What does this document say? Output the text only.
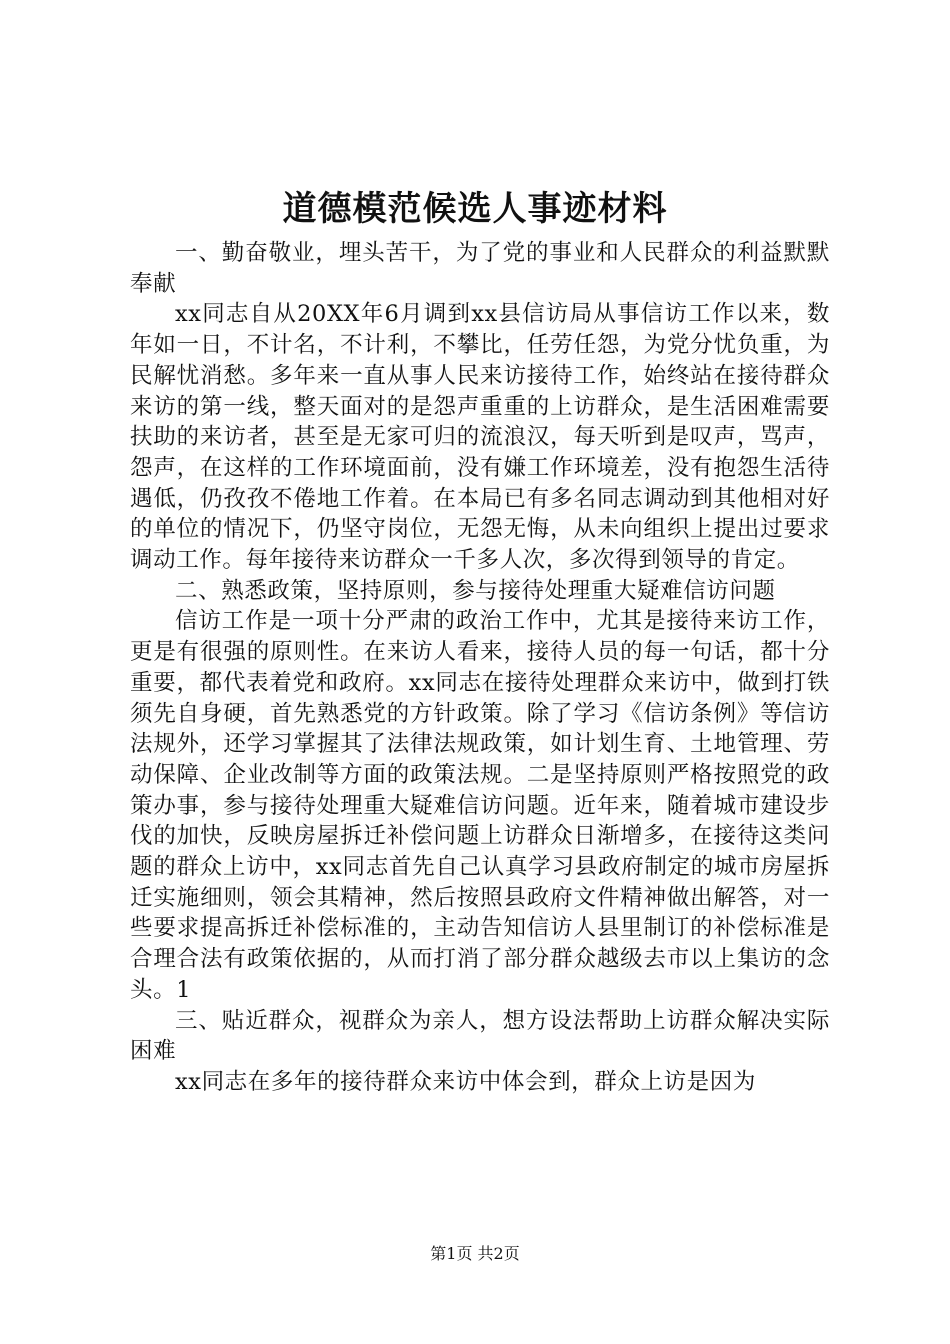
道德模范候选人事迹材料

一、勤奋敬业，埋头苦干，为了党的事业和人民群众的利益默默奉献

xx同志自从20XX年6月调到xx县信访局从事信访工作以来，数年如一日，不计名，不计利，不攀比，任劳任怨，为党分忧负重，为民解忧消愁。多年来一直从事人民来访接待工作，始终站在接待群众来访的第一线，整天面对的是怨声重重的上访群众，是生活困难需要扶助的来访者，甚至是无家可归的流浪汉，每天听到是叹声，骂声，怨声，在这样的工作环境面前，没有嫌工作环境差，没有抱怨生活待遇低，仍孜孜不倦地工作着。在本局已有多名同志调动到其他相对好的单位的情况下，仍坚守岗位，无怨无悔，从未向组织上提出过要求调动工作。每年接待来访群众一千多人次，多次得到领导的肯定。

二、熟悉政策，坚持原则，参与接待处理重大疑难信访问题

信访工作是一项十分严肃的政治工作中，尤其是接待来访工作，更是有很强的原则性。在来访人看来，接待人员的每一句话，都十分重要，都代表着党和政府。xx同志在接待处理群众来访中，做到打铁须先自身硬，首先熟悉党的方针政策。除了学习《信访条例》等信访法规外，还学习掌握其了法律法规政策，如计划生育、土地管理、劳动保障、企业改制等方面的政策法规。二是坚持原则严格按照党的政策办事，参与接待处理重大疑难信访问题。近年来，随着城市建设步伐的加快，反映房屋拆迁补偿问题上访群众日渐增多，在接待这类问题的群众上访中，xx同志首先自己认真学习县政府制定的城市房屋拆迁实施细则，领会其精神，然后按照县政府文件精神做出解答，对一些要求提高拆迁补偿标准的，主动告知信访人县里制订的补偿标准是合理合法有政策依据的，从而打消了部分群众越级去市以上集访的念头。1

三、贴近群众，视群众为亲人，想方设法帮助上访群众解决实际困难

xx同志在多年的接待群众来访中体会到，群众上访是因为

第1页 共2页
